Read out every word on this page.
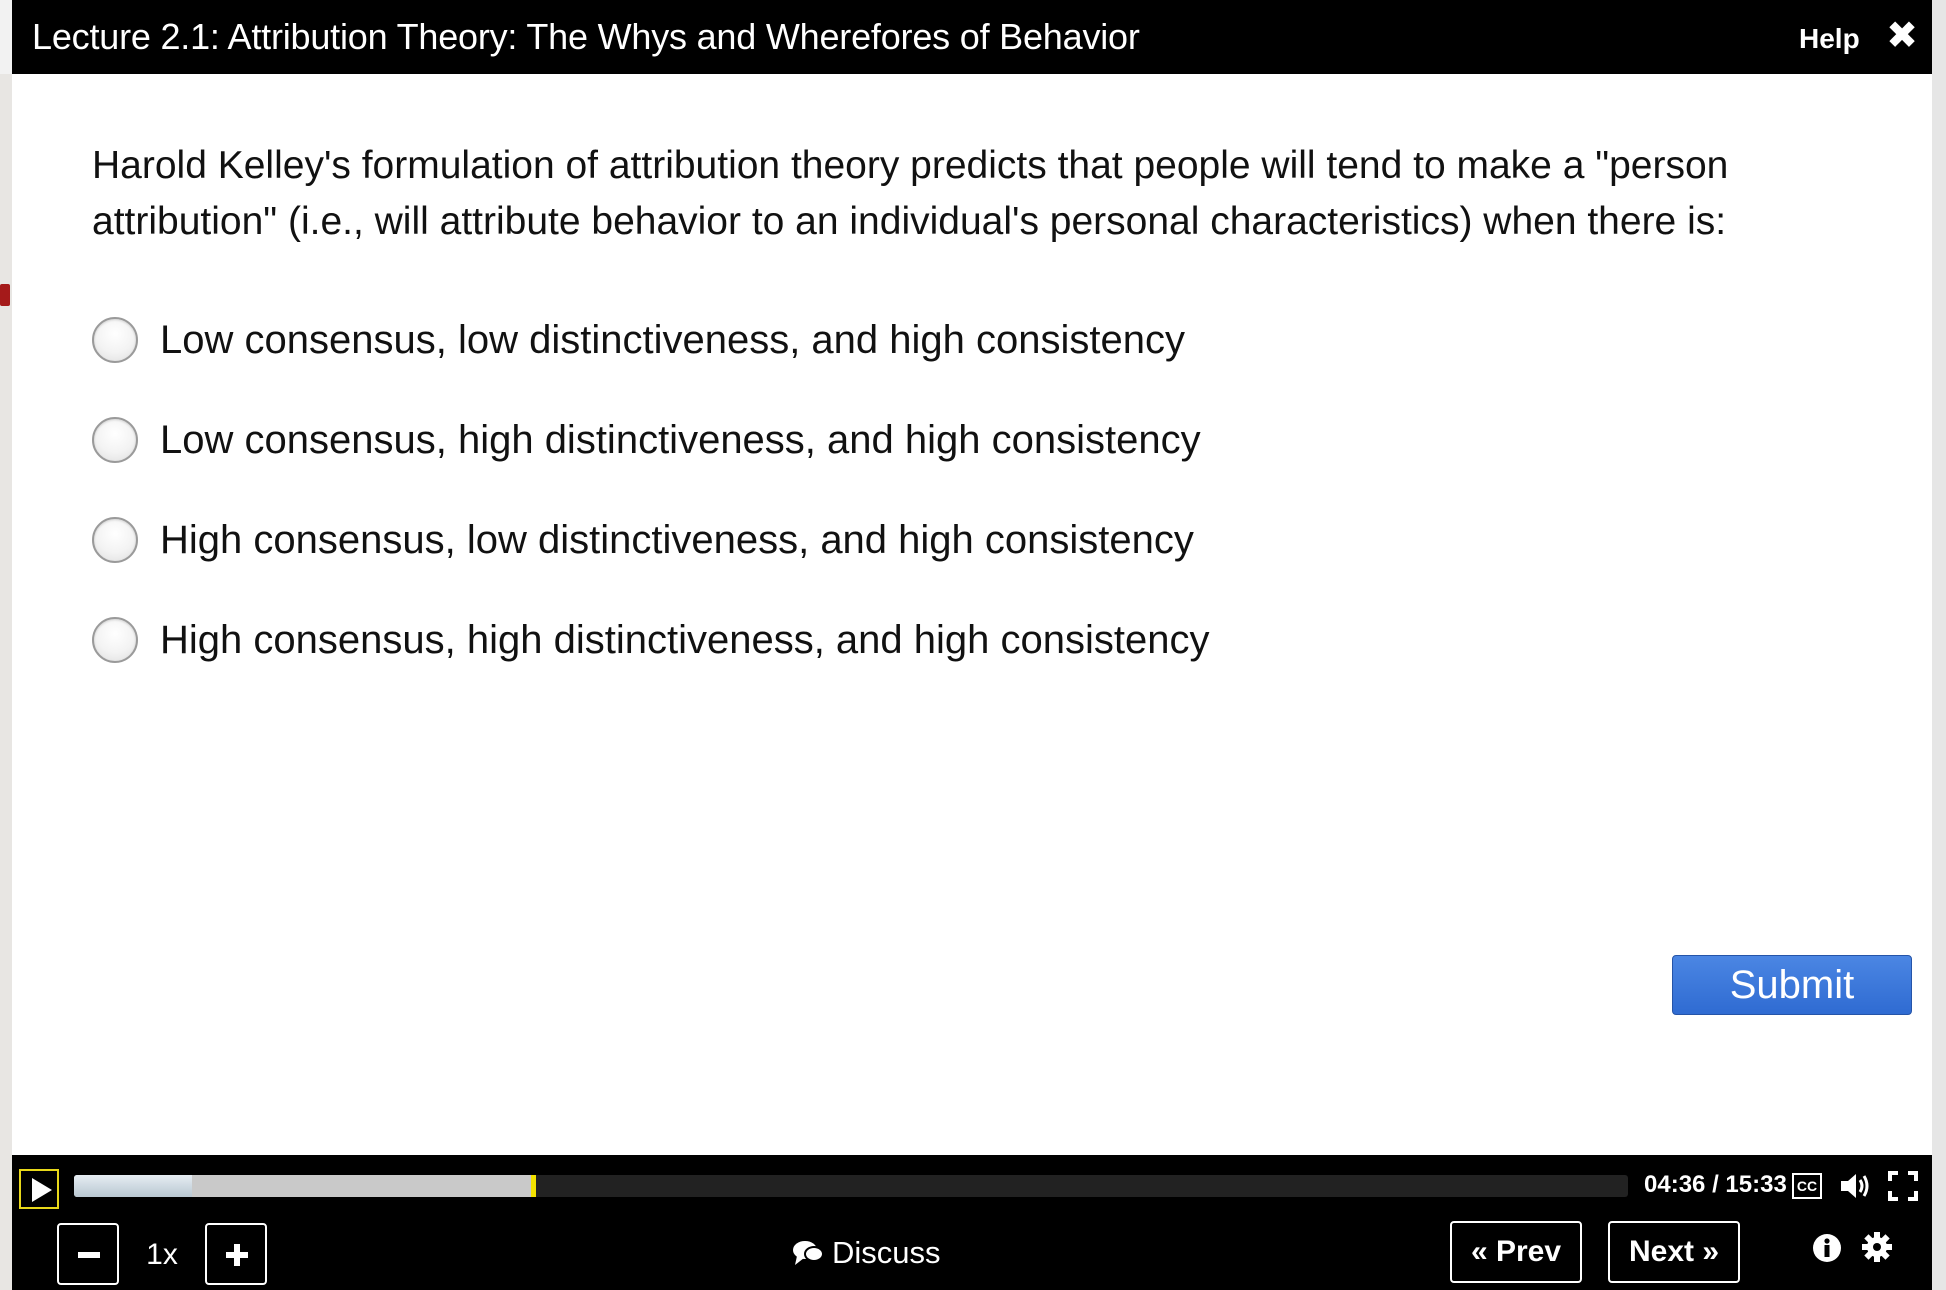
Lecture 2.1: Attribution Theory: The Whys and Wherefores of Behavior	Help ✖
Harold Kelley's formulation of attribution theory predicts that people will tend to make a "person attribution" (i.e., will attribute behavior to an individual's personal characteristics) when there is:
Low consensus, low distinctiveness, and high consistency
Low consensus, high distinctiveness, and high consistency
High consensus, low distinctiveness, and high consistency
High consensus, high distinctiveness, and high consistency
Submit
04:36 / 15:33 CC
1x	Discuss	« Prev	Next »
